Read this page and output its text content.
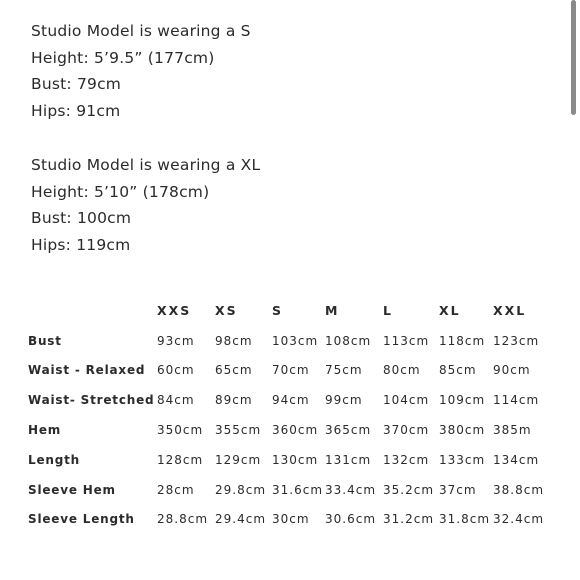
Studio Model is wearing a S
Height: 5’9.5” (177cm)
Bust: 79cm
Hips: 91cm
Studio Model is wearing a XL
Height: 5’10” (178cm)
Bust: 100cm
Hips: 119cm
	XXS	XS	S	M	L	XL	XXL
Bust	93cm	98cm	103cm	108cm	113cm	118cm	123cm
Waist - Relaxed	60cm	65cm	70cm	75cm	80cm	85cm	90cm
Waist- Stretched	84cm	89cm	94cm	99cm	104cm	109cm	114cm
Hem	350cm	355cm	360cm	365cm	370cm	380cm	385m
Length	128cm	129cm	130cm	131cm	132cm	133cm	134cm
Sleeve Hem	28cm	29.8cm	31.6cm	33.4cm	35.2cm	37cm	38.8cm
Sleeve Length	28.8cm	29.4cm	30cm	30.6cm	31.2cm	31.8cm	32.4cm
